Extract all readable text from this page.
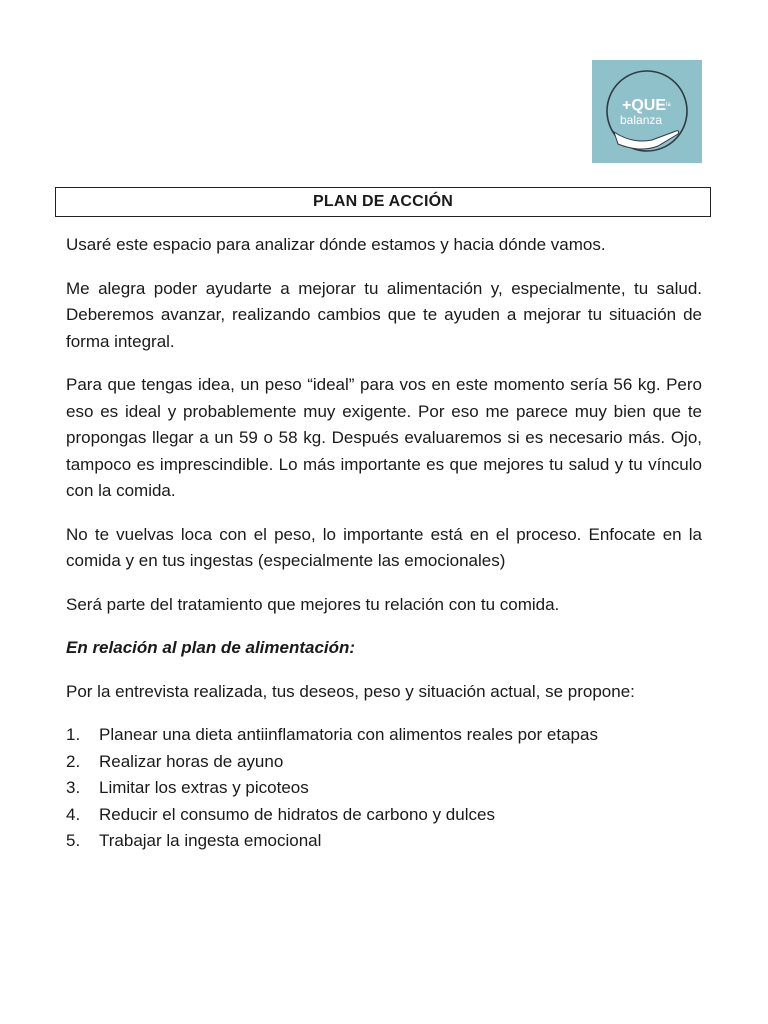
+QUE la
balanza
PLAN DE ACCIÓN

Usaré este espacio para analizar dónde estamos y hacia dónde vamos.

Me alegra poder ayudarte a mejorar tu alimentación y, especialmente, tu salud. Deberemos avanzar, realizando cambios que te ayuden a mejorar tu situación de forma integral.

Para que tengas idea, un peso “ideal” para vos en este momento sería 56 kg. Pero eso es ideal y probablemente muy exigente. Por eso me parece muy bien que te propongas llegar a un 59 o 58 kg. Después evaluaremos si es necesario más. Ojo, tampoco es imprescindible. Lo más importante es que mejores tu salud y tu vínculo con la comida.

No te vuelvas loca con el peso, lo importante está en el proceso. Enfocate en la comida y en tus ingestas (especialmente las emocionales)

Será parte del tratamiento que mejores tu relación con tu comida.

En relación al plan de alimentación:

Por la entrevista realizada, tus deseos, peso y situación actual, se propone:

1.	Planear una dieta antiinflamatoria con alimentos reales por etapas
2.	Realizar horas de ayuno
3.	Limitar los extras y picoteos
4.	Reducir el consumo de hidratos de carbono y dulces
5.	Trabajar la ingesta emocional
